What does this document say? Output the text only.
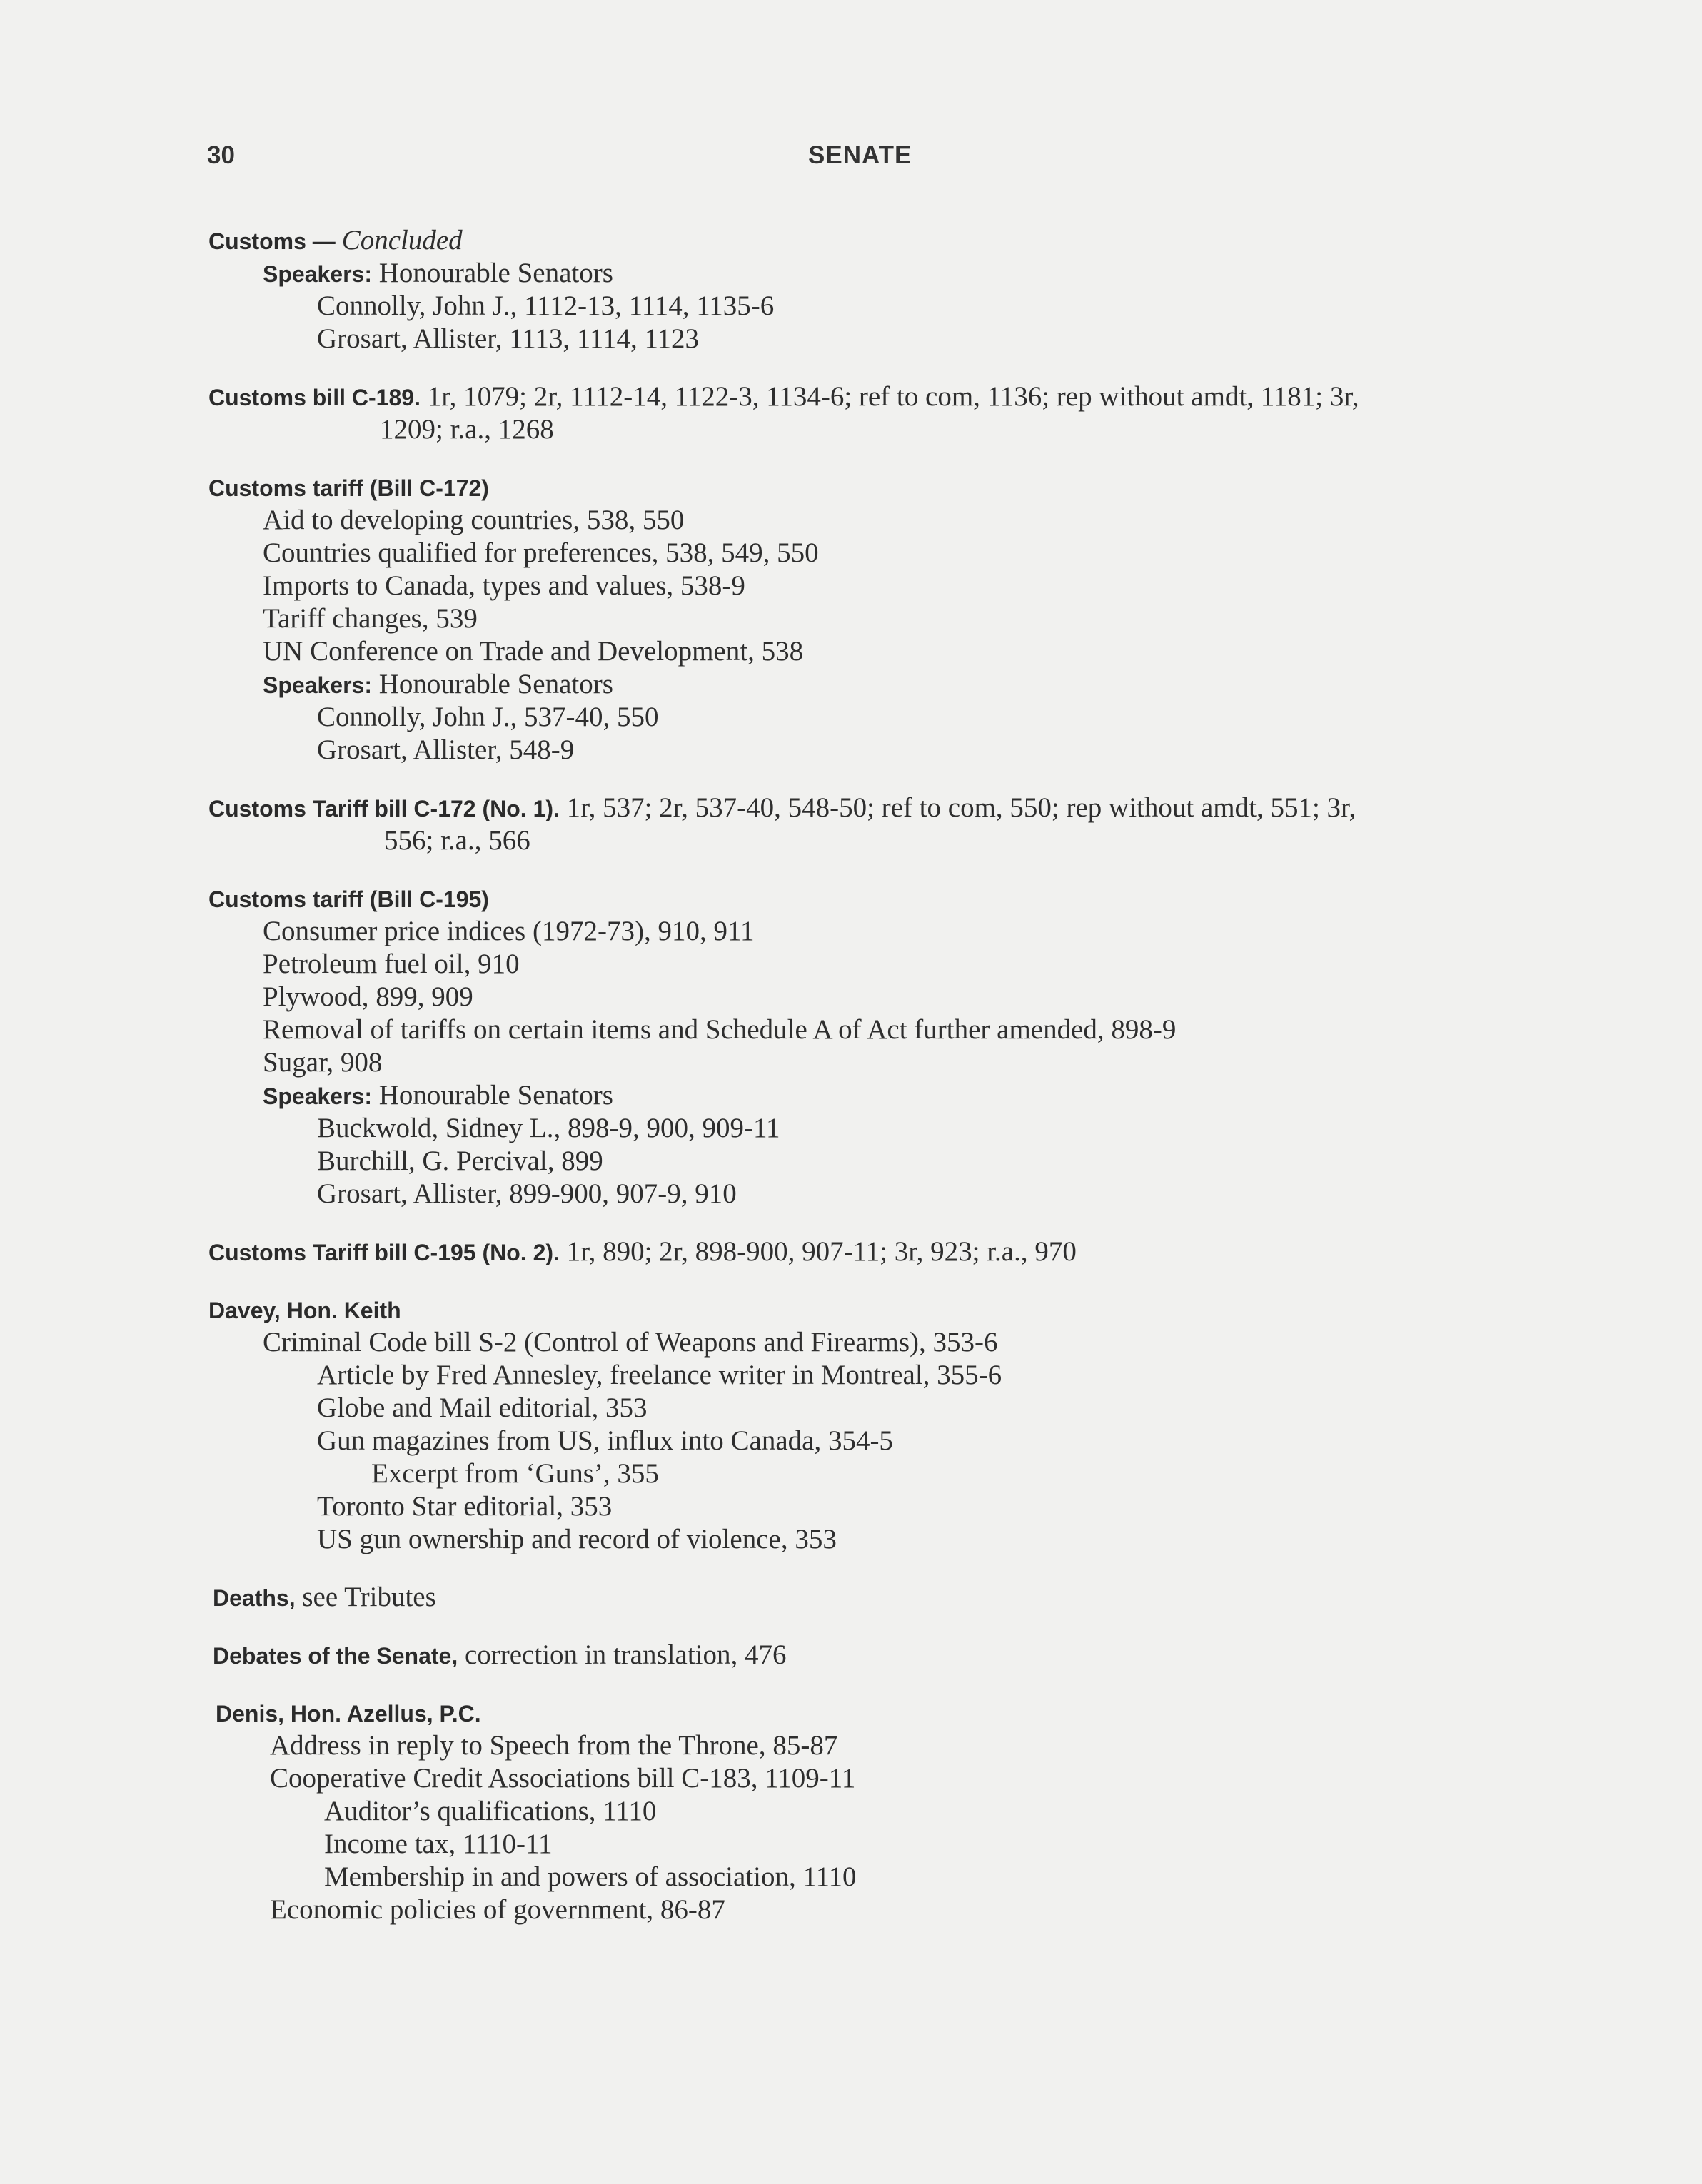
30	SENATE
Customs — Concluded
Speakers: Honourable Senators
Connolly, John J., 1112-13, 1114, 1135-6
Grosart, Allister, 1113, 1114, 1123
Customs bill C-189. 1r, 1079; 2r, 1112-14, 1122-3, 1134-6; ref to com, 1136; rep without amdt, 1181; 3r,
1209; r.a., 1268
Customs tariff (Bill C-172)
Aid to developing countries, 538, 550
Countries qualified for preferences, 538, 549, 550
Imports to Canada, types and values, 538-9
Tariff changes, 539
UN Conference on Trade and Development, 538
Speakers: Honourable Senators
Connolly, John J., 537-40, 550
Grosart, Allister, 548-9
Customs Tariff bill C-172 (No. 1). 1r, 537; 2r, 537-40, 548-50; ref to com, 550; rep without amdt, 551; 3r,
556; r.a., 566
Customs tariff (Bill C-195)
Consumer price indices (1972-73), 910, 911
Petroleum fuel oil, 910
Plywood, 899, 909
Removal of tariffs on certain items and Schedule A of Act further amended, 898-9
Sugar, 908
Speakers: Honourable Senators
Buckwold, Sidney L., 898-9, 900, 909-11
Burchill, G. Percival, 899
Grosart, Allister, 899-900, 907-9, 910
Customs Tariff bill C-195 (No. 2). 1r, 890; 2r, 898-900, 907-11; 3r, 923; r.a., 970
Davey, Hon. Keith
Criminal Code bill S-2 (Control of Weapons and Firearms), 353-6
Article by Fred Annesley, freelance writer in Montreal, 355-6
Globe and Mail editorial, 353
Gun magazines from US, influx into Canada, 354-5
Excerpt from ‘Guns’, 355
Toronto Star editorial, 353
US gun ownership and record of violence, 353
Deaths, see Tributes
Debates of the Senate, correction in translation, 476
Denis, Hon. Azellus, P.C.
Address in reply to Speech from the Throne, 85-87
Cooperative Credit Associations bill C-183, 1109-11
Auditor’s qualifications, 1110
Income tax, 1110-11
Membership in and powers of association, 1110
Economic policies of government, 86-87
